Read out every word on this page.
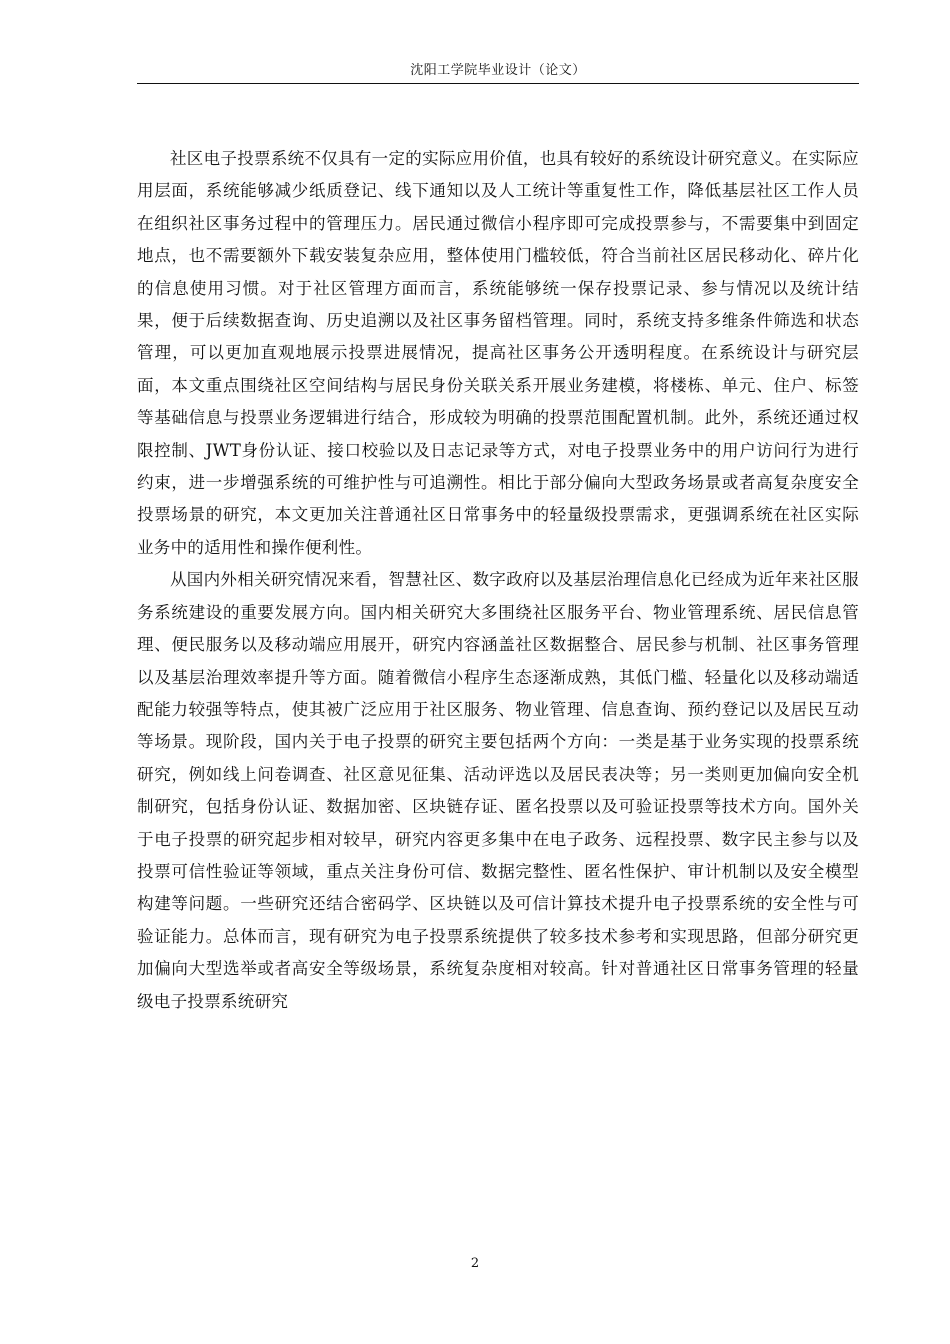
沈阳工学院毕业设计（论文）

社区电子投票系统不仅具有一定的实际应用价值，也具有较好的系统设计研究意义。在实际应用层面，系统能够减少纸质登记、线下通知以及人工统计等重复性工作，降低基层社区工作人员在组织社区事务过程中的管理压力。居民通过微信小程序即可完成投票参与，不需要集中到固定地点，也不需要额外下载安装复杂应用，整体使用门槛较低，符合当前社区居民移动化、碎片化的信息使用习惯。对于社区管理方面而言，系统能够统一保存投票记录、参与情况以及统计结果，便于后续数据查询、历史追溯以及社区事务留档管理。同时，系统支持多维条件筛选和状态管理，可以更加直观地展示投票进展情况，提高社区事务公开透明程度。在系统设计与研究层面，本文重点围绕社区空间结构与居民身份关联关系开展业务建模，将楼栋、单元、住户、标签等基础信息与投票业务逻辑进行结合，形成较为明确的投票范围配置机制。此外，系统还通过权限控制、JWT身份认证、接口校验以及日志记录等方式，对电子投票业务中的用户访问行为进行约束，进一步增强系统的可维护性与可追溯性。相比于部分偏向大型政务场景或者高复杂度安全投票场景的研究，本文更加关注普通社区日常事务中的轻量级投票需求，更强调系统在社区实际业务中的适用性和操作便利性。

从国内外相关研究情况来看，智慧社区、数字政府以及基层治理信息化已经成为近年来社区服务系统建设的重要发展方向。国内相关研究大多围绕社区服务平台、物业管理系统、居民信息管理、便民服务以及移动端应用展开，研究内容涵盖社区数据整合、居民参与机制、社区事务管理以及基层治理效率提升等方面。随着微信小程序生态逐渐成熟，其低门槛、轻量化以及移动端适配能力较强等特点，使其被广泛应用于社区服务、物业管理、信息查询、预约登记以及居民互动等场景。现阶段，国内关于电子投票的研究主要包括两个方向：一类是基于业务实现的投票系统研究，例如线上问卷调查、社区意见征集、活动评选以及居民表决等；另一类则更加偏向安全机制研究，包括身份认证、数据加密、区块链存证、匿名投票以及可验证投票等技术方向。国外关于电子投票的研究起步相对较早，研究内容更多集中在电子政务、远程投票、数字民主参与以及投票可信性验证等领域，重点关注身份可信、数据完整性、匿名性保护、审计机制以及安全模型构建等问题。一些研究还结合密码学、区块链以及可信计算技术提升电子投票系统的安全性与可验证能力。总体而言，现有研究为电子投票系统提供了较多技术参考和实现思路，但部分研究更加偏向大型选举或者高安全等级场景，系统复杂度相对较高。针对普通社区日常事务管理的轻量级电子投票系统研究

2
